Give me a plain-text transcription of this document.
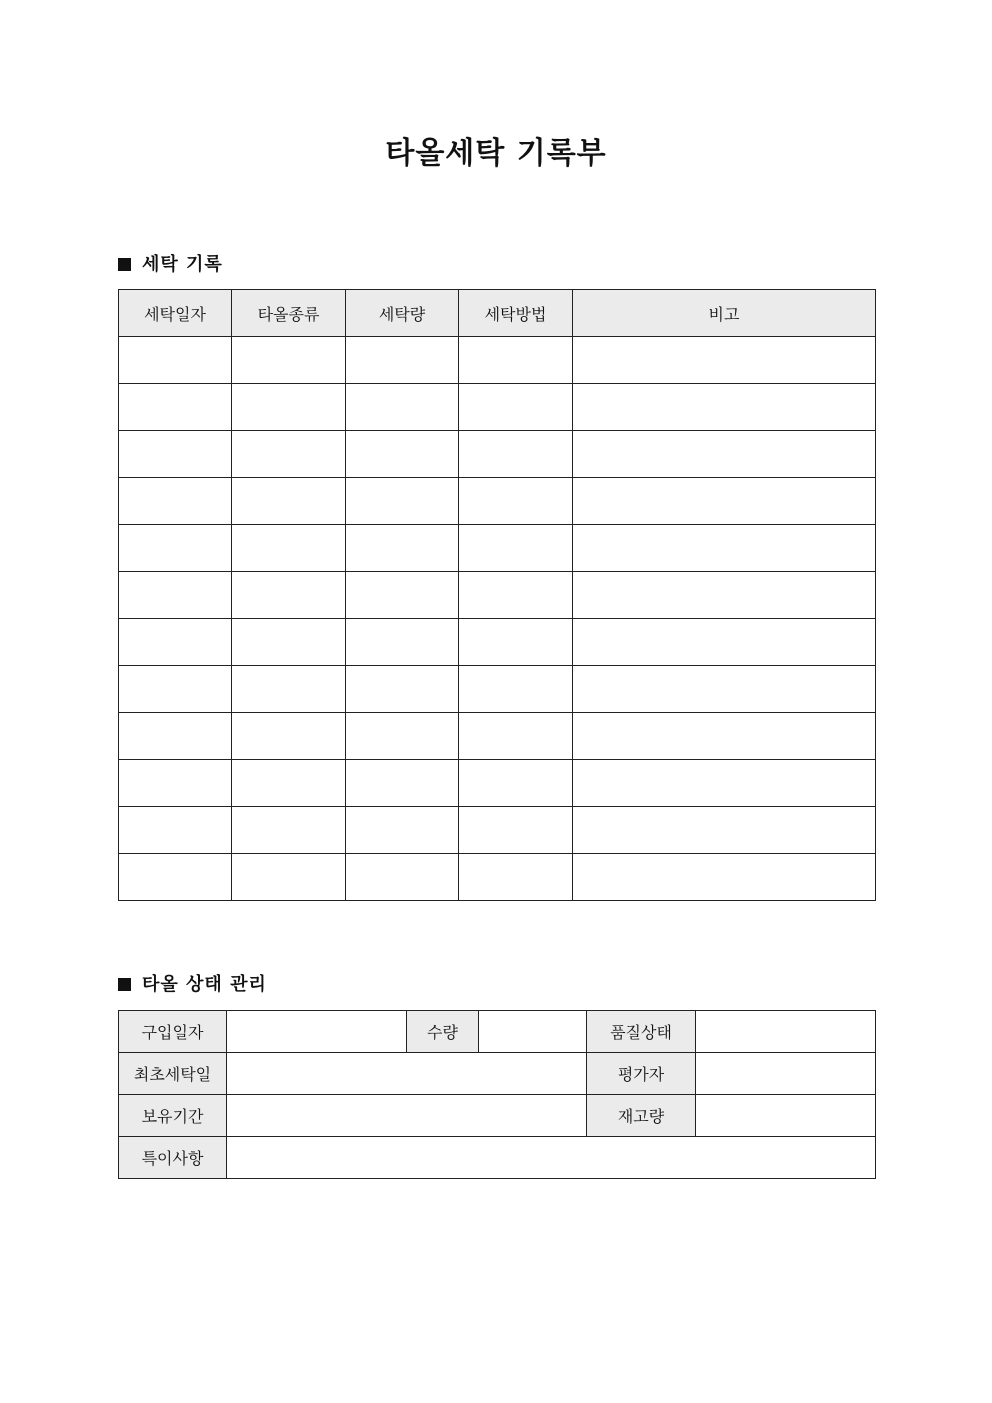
타올세탁 기록부
세탁 기록
세탁일자	타올종류	세탁량	세탁방법	비고

타올 상태 관리
구입일자		수량		품질상태	
최초세탁일				평가자	
보유기간				재고량	
특이사항					
